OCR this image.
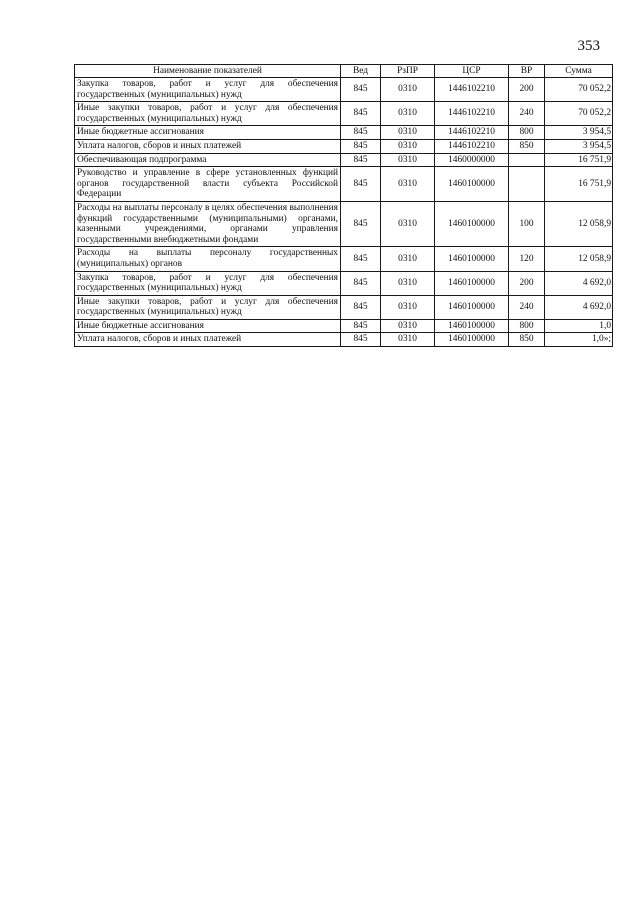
353
Наименование показателей	Вед	РзПР	ЦСР	ВР	Сумма
Закупка товаров, работ и услуг для обеспечения государственных (муниципальных) нужд	845	0310	1446102210	200	70 052,2
Иные закупки товаров, работ и услуг для обеспечения государственных (муниципальных) нужд	845	0310	1446102210	240	70 052,2
Иные бюджетные ассигнования	845	0310	1446102210	800	3 954,5
Уплата налогов, сборов и иных платежей	845	0310	1446102210	850	3 954,5
Обеспечивающая подпрограмма	845	0310	1460000000		16 751,9
Руководство и управление в сфере установленных функций органов государственной власти субъекта Российской Федерации	845	0310	1460100000		16 751,9
Расходы на выплаты персоналу в целях обеспечения выполнения функций государственными (муниципальными) органами, казенными учреждениями, органами управления государственными внебюджетными фондами	845	0310	1460100000	100	12 058,9
Расходы на выплаты персоналу государственных (муниципальных) органов	845	0310	1460100000	120	12 058,9
Закупка товаров, работ и услуг для обеспечения государственных (муниципальных) нужд	845	0310	1460100000	200	4 692,0
Иные закупки товаров, работ и услуг для обеспечения государственных (муниципальных) нужд	845	0310	1460100000	240	4 692,0
Иные бюджетные ассигнования	845	0310	1460100000	800	1,0
Уплата налогов, сборов и иных платежей	845	0310	1460100000	850	1,0»;
